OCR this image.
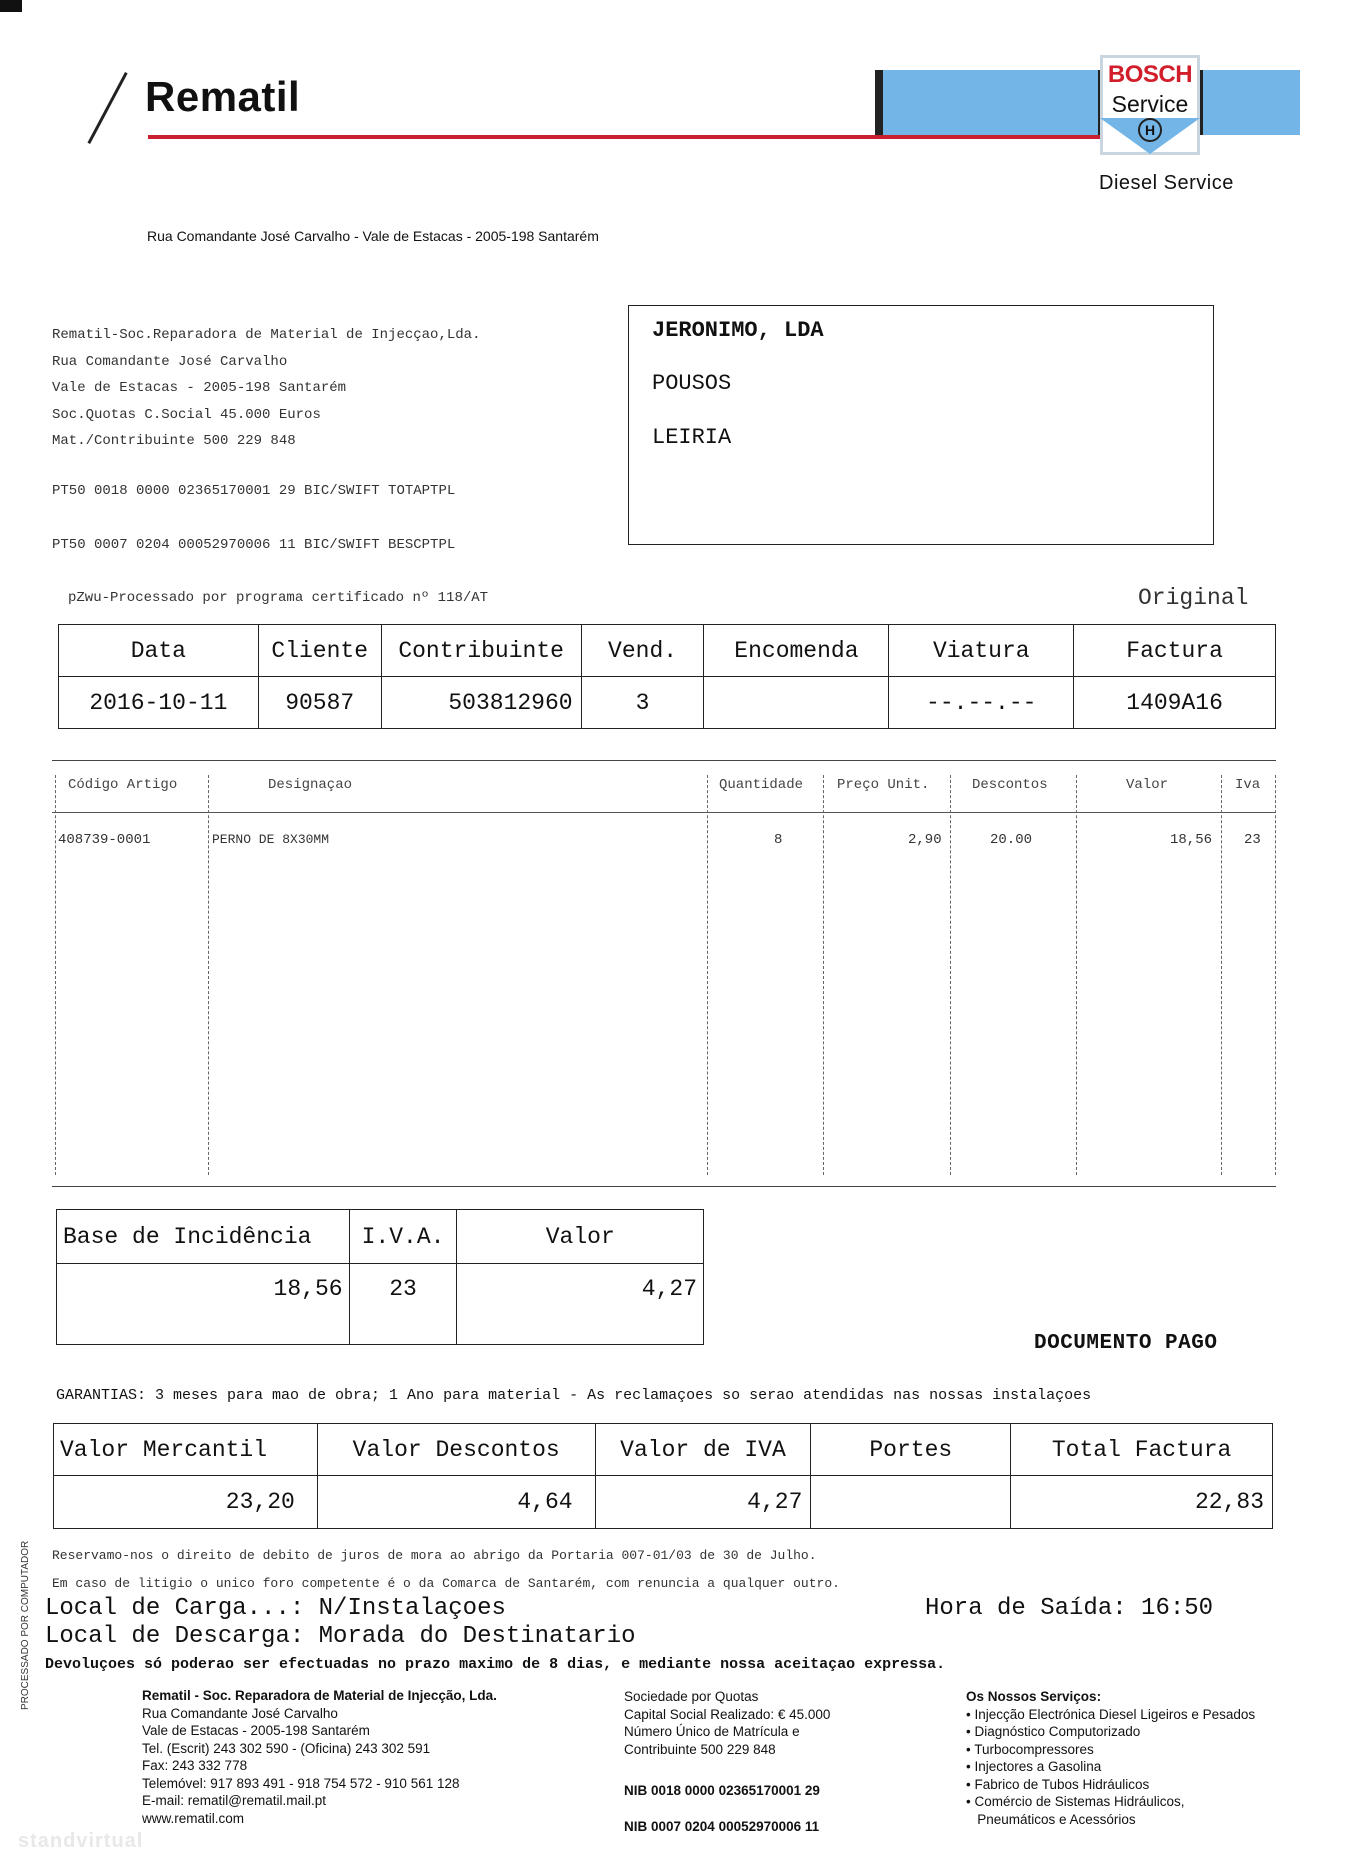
Rematil	BOSCH
Service
H
Diesel Service
Rua Comandante José Carvalho - Vale de Estacas - 2005-198 Santarém
Rematil-Soc.Reparadora de Material de Injecçao,Lda.
Rua Comandante José Carvalho
Vale de Estacas - 2005-198 Santarém
Soc.Quotas C.Social 45.000 Euros
Mat./Contribuinte 500 229 848
PT50 0018 0000 02365170001 29 BIC/SWIFT TOTAPTPL
PT50 0007 0204 00052970006 11 BIC/SWIFT BESCPTPL
JERONIMO, LDA
POUSOS
LEIRIA
pZwu-Processado por programa certificado nº 118/AT	Original
Data	Cliente	Contribuinte	Vend.	Encomenda	Viatura	Factura
2016-10-11	90587	503812960	3		--.--.--	1409A16
Código Artigo	Designaçao	Quantidade Preço Unit.	Descontos	Valor	Iva
408739-0001	PERNO DE 8X30MM	8	2,90	20.00	18,56 23
Base de Incidência	I.V.A.	Valor
18,56	23	4,27
DOCUMENTO PAGO
GARANTIAS: 3 meses para mao de obra; 1 Ano para material - As reclamaçoes so serao atendidas nas nossas instalaçoes
Valor Mercantil	Valor Descontos	Valor de IVA	Portes	Total Factura
23,20	4,64	4,27		22,83
Reservamo-nos o direito de debito de juros de mora ao abrigo da Portaria 007-01/03 de 30 de Julho.
Em caso de litigio o unico foro competente é o da Comarca de Santarém, com renuncia a qualquer outro.
Local de Carga...: N/Instalaçoes
Local de Descarga: Morada do Destinatario
Hora de Saída: 16:50
Devoluçoes só poderao ser efectuadas no prazo maximo de 8 dias, e mediante nossa aceitaçao expressa.
PROCESSADO POR COMPUTADOR	Rematil - Soc. Reparadora de Material de Injecção, Lda.
Rua Comandante José Carvalho
Vale de Estacas - 2005-198 Santarém
Tel. (Escrit) 243 302 590 - (Oficina) 243 302 591
Fax: 243 332 778
Telemóvel: 917 893 491 - 918 754 572 - 910 561 128
E-mail: rematil@rematil.mail.pt
www.rematil.com
Sociedade por Quotas
Capital Social Realizado: € 45.000
Número Único de Matrícula e
Contribuinte 500 229 848
NIB 0018 0000 02365170001 29
NIB 0007 0204 00052970006 11
Os Nossos Serviços:
• Injecção Electrónica Diesel Ligeiros e Pesados
• Diagnóstico Computorizado
• Turbocompressores
• Injectores a Gasolina
• Fabrico de Tubos Hidráulicos
• Comércio de Sistemas Hidráulicos,
Pneumáticos e Acessórios
standvirtual
